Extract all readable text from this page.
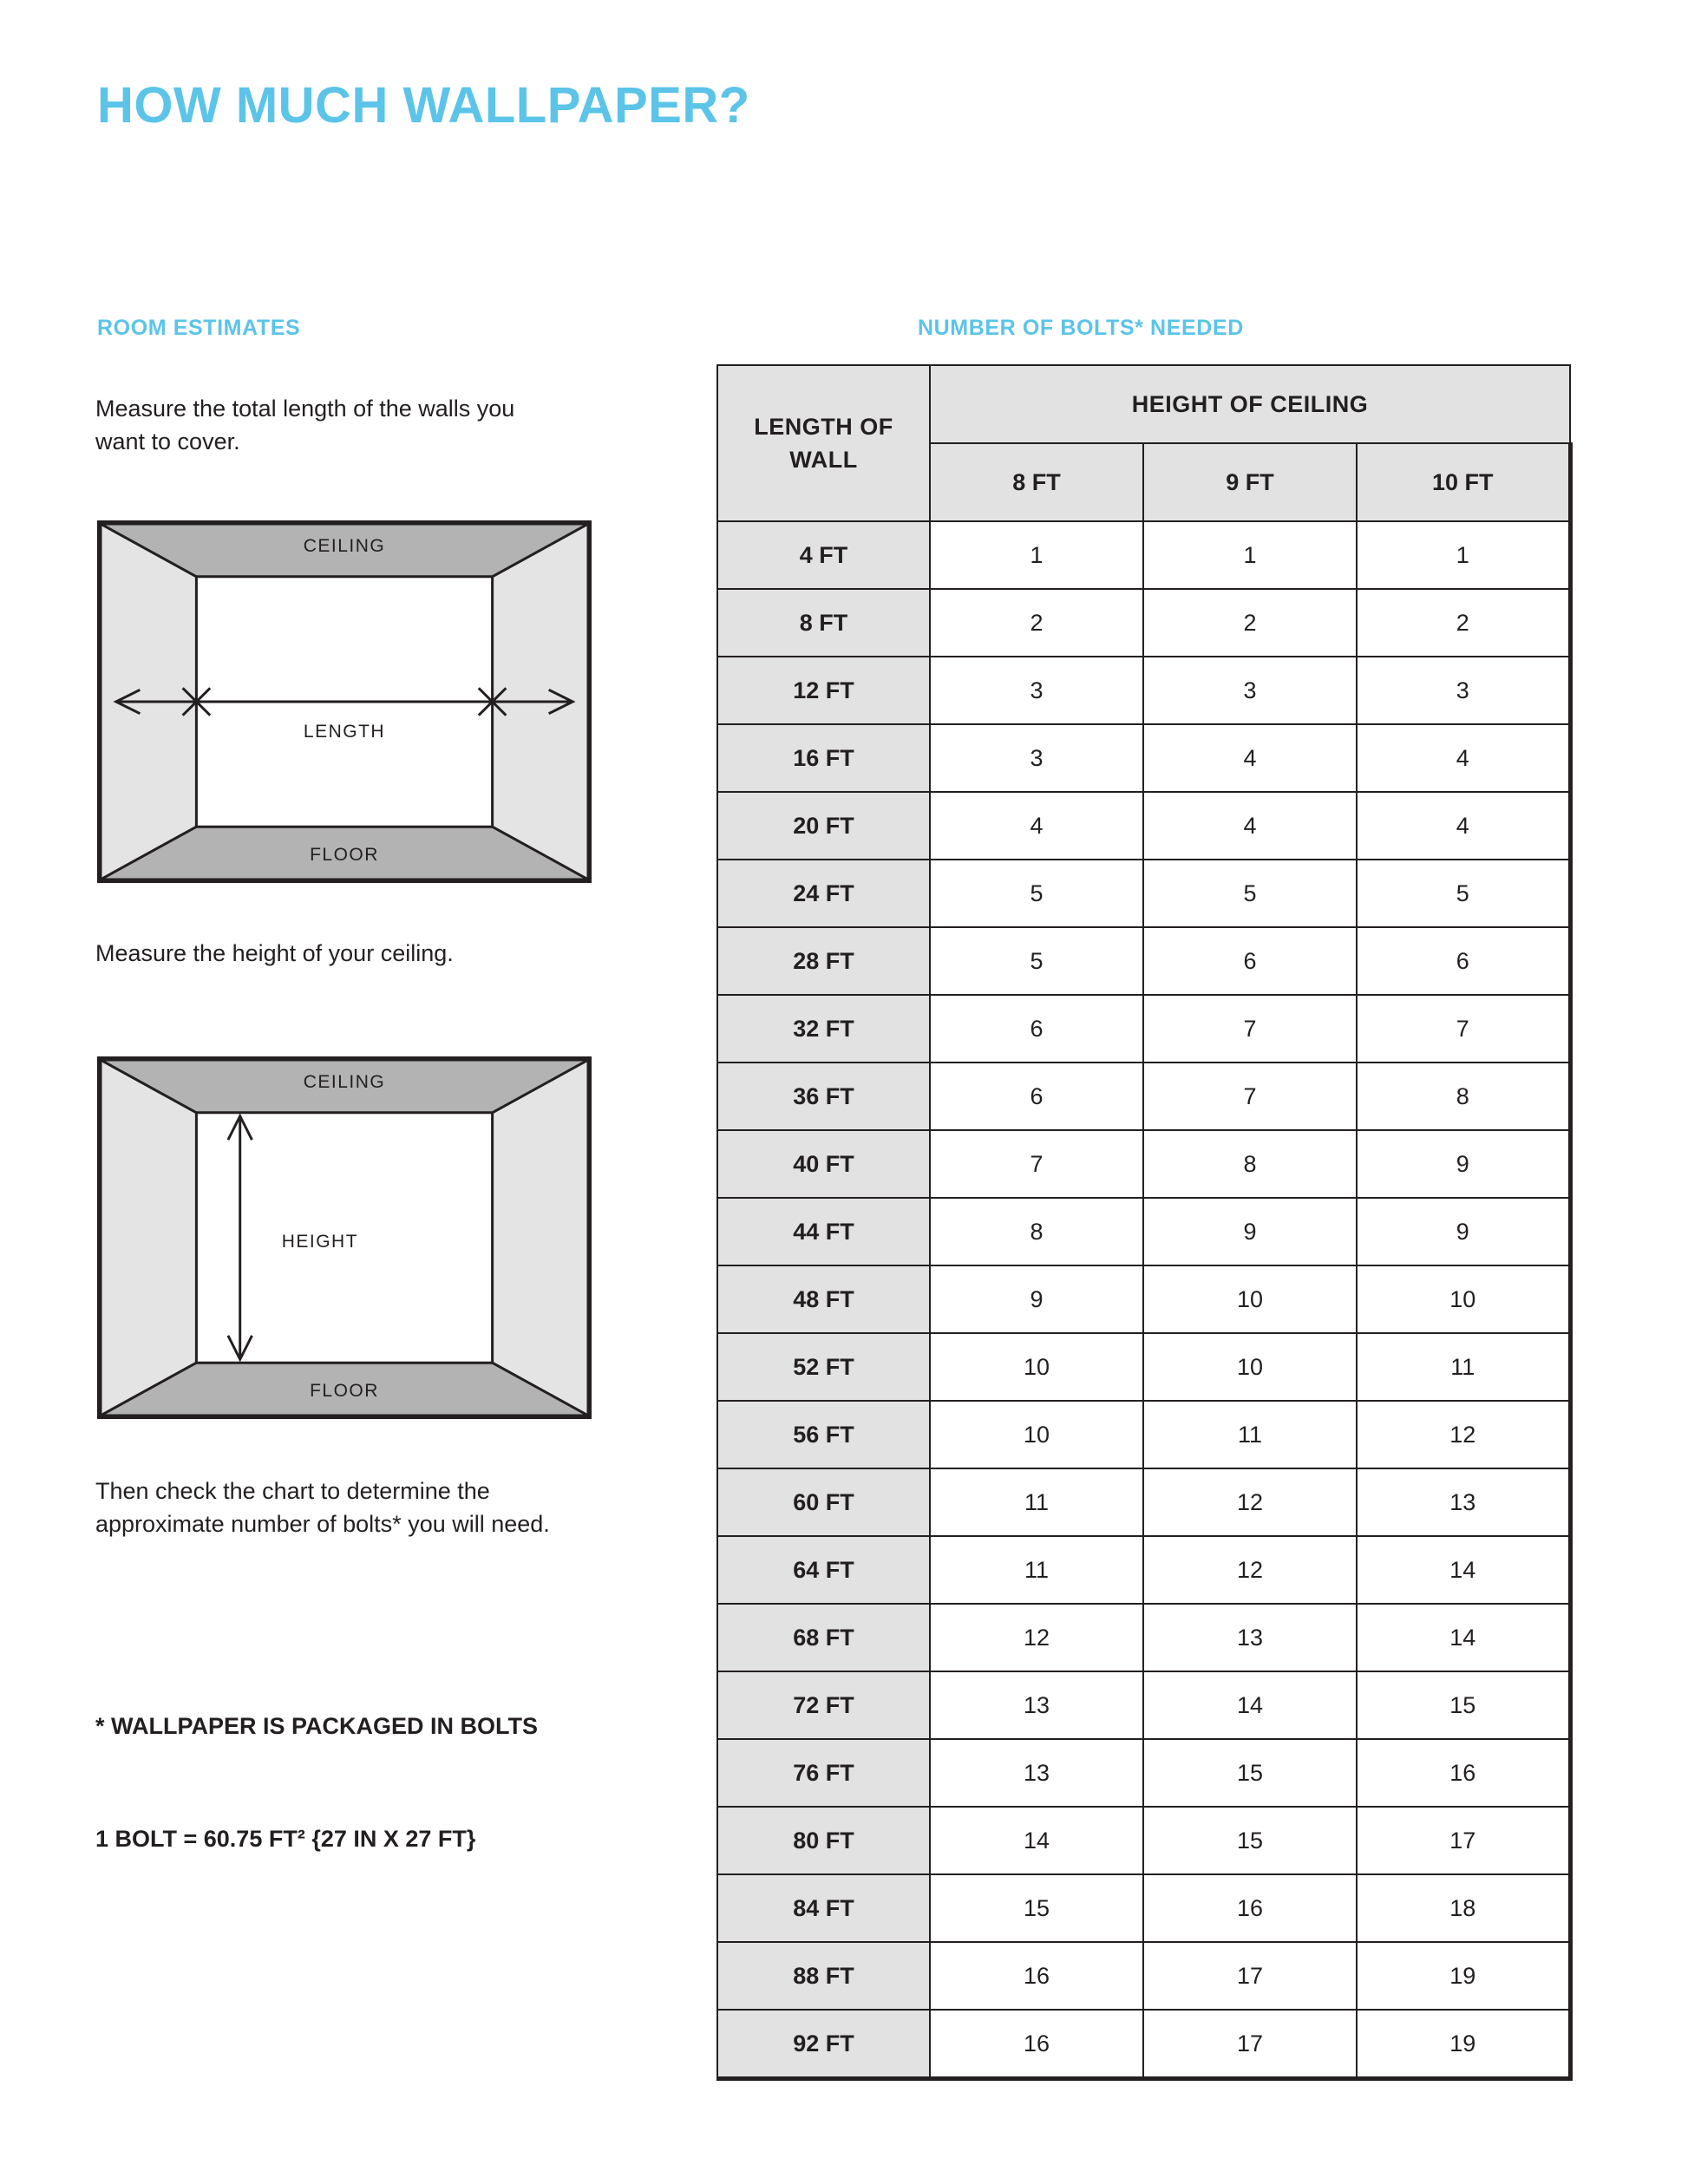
HOW MUCH WALLPAPER?
ROOM ESTIMATES	NUMBER OF BOLTS* NEEDED
Measure the total length of the walls you want to cover.
Measure the height of your ceiling.
Then check the chart to determine the approximate number of bolts* you will need.
* WALLPAPER IS PACKAGED IN BOLTS
1 BOLT = 60.75 FT² {27 IN X 27 FT}
CEILING
FLOOR
LENGTH
CEILING
FLOOR
HEIGHT
LENGTH OF WALL	HEIGHT OF CEILING		
	8 FT	9 FT	10 FT
4 FT	1	1	1
8 FT	2	2	2
12 FT	3	3	3
16 FT	3	4	4
20 FT	4	4	4
24 FT	5	5	5
28 FT	5	6	6
32 FT	6	7	7
36 FT	6	7	8
40 FT	7	8	9
44 FT	8	9	9
48 FT	9	10	10
52 FT	10	10	11
56 FT	10	11	12
60 FT	11	12	13
64 FT	11	12	14
68 FT	12	13	14
72 FT	13	14	15
76 FT	13	15	16
80 FT	14	15	17
84 FT	15	16	18
88 FT	16	17	19
92 FT	16	17	19
